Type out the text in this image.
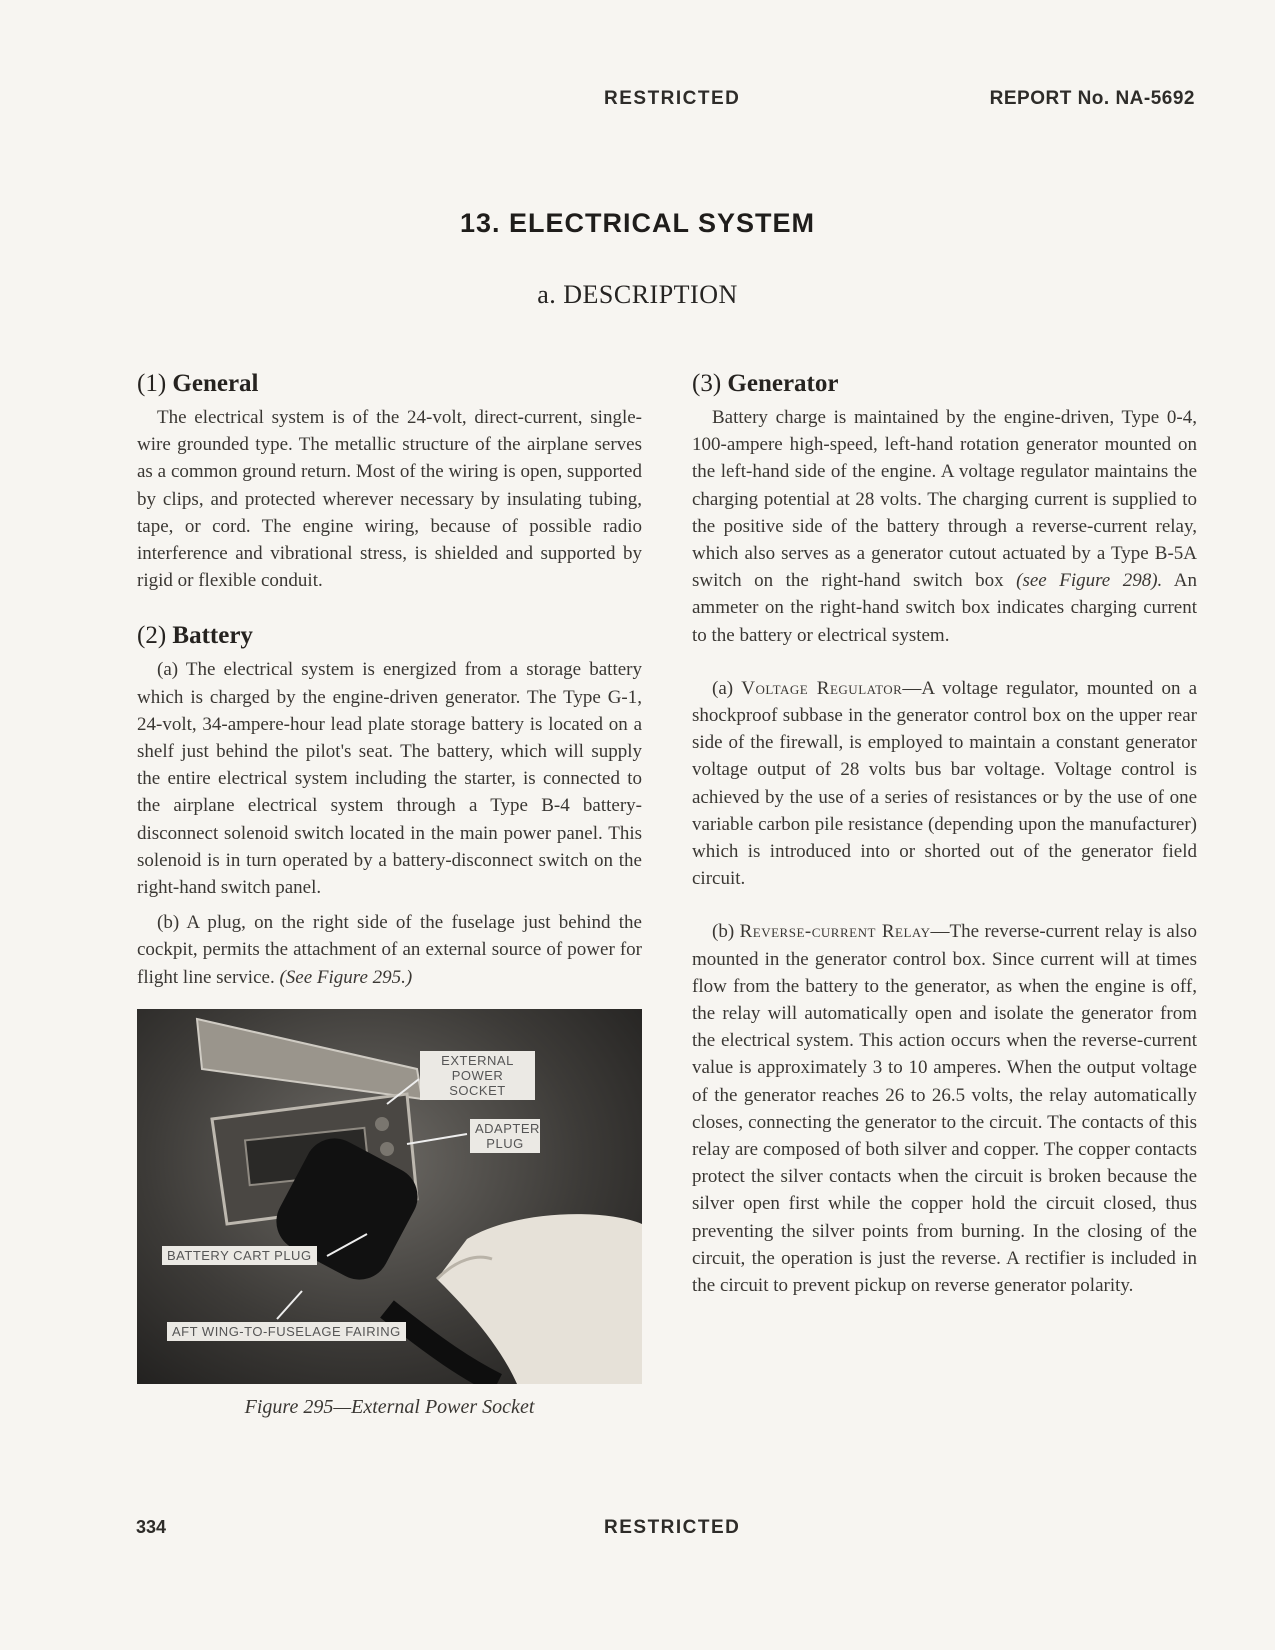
RESTRICTED	REPORT No. NA-5692
13. ELECTRICAL SYSTEM
a. DESCRIPTION
(1) General

The electrical system is of the 24-volt, direct-current, single-wire grounded type. The metallic structure of the airplane serves as a common ground return. Most of the wiring is open, supported by clips, and protected wherever necessary by insulating tubing, tape, or cord. The engine wiring, because of possible radio interference and vibrational stress, is shielded and supported by rigid or flexible conduit.

(2) Battery

(a) The electrical system is energized from a storage battery which is charged by the engine-driven generator. The Type G-1, 24-volt, 34-ampere-hour lead plate storage battery is located on a shelf just behind the pilot's seat. The battery, which will supply the entire electrical system including the starter, is connected to the airplane electrical system through a Type B-4 battery-disconnect solenoid switch located in the main power panel. This solenoid is in turn operated by a battery-disconnect switch on the right-hand switch panel.

(b) A plug, on the right side of the fuselage just behind the cockpit, permits the attachment of an external source of power for flight line service. (See Figure 295.)

EXTERNAL POWER SOCKET
ADAPTER PLUG
BATTERY CART PLUG
AFT WING-TO-FUSELAGE FAIRING
Figure 295—External Power Socket
(3) Generator

Battery charge is maintained by the engine-driven, Type 0-4, 100-ampere high-speed, left-hand rotation generator mounted on the left-hand side of the engine. A voltage regulator maintains the charging potential at 28 volts. The charging current is supplied to the positive side of the battery through a reverse-current relay, which also serves as a generator cutout actuated by a Type B-5A switch on the right-hand switch box (see Figure 298). An ammeter on the right-hand switch box indicates charging current to the battery or electrical system.

(a) Voltage Regulator—A voltage regulator, mounted on a shockproof subbase in the generator control box on the upper rear side of the firewall, is employed to maintain a constant generator voltage output of 28 volts bus bar voltage. Voltage control is achieved by the use of a series of resistances or by the use of one variable carbon pile resistance (depending upon the manufacturer) which is introduced into or shorted out of the generator field circuit.

(b) Reverse-current Relay—The reverse-current relay is also mounted in the generator control box. Since current will at times flow from the battery to the generator, as when the engine is off, the relay will automatically open and isolate the generator from the electrical system. This action occurs when the reverse-current value is approximately 3 to 10 amperes. When the output voltage of the generator reaches 26 to 26.5 volts, the relay automatically closes, connecting the generator to the circuit. The contacts of this relay are composed of both silver and copper. The copper contacts protect the silver contacts when the circuit is broken because the silver open first while the copper hold the circuit closed, thus preventing the silver points from burning. In the closing of the circuit, the operation is just the reverse. A rectifier is included in the circuit to prevent pickup on reverse generator polarity.

334	RESTRICTED
